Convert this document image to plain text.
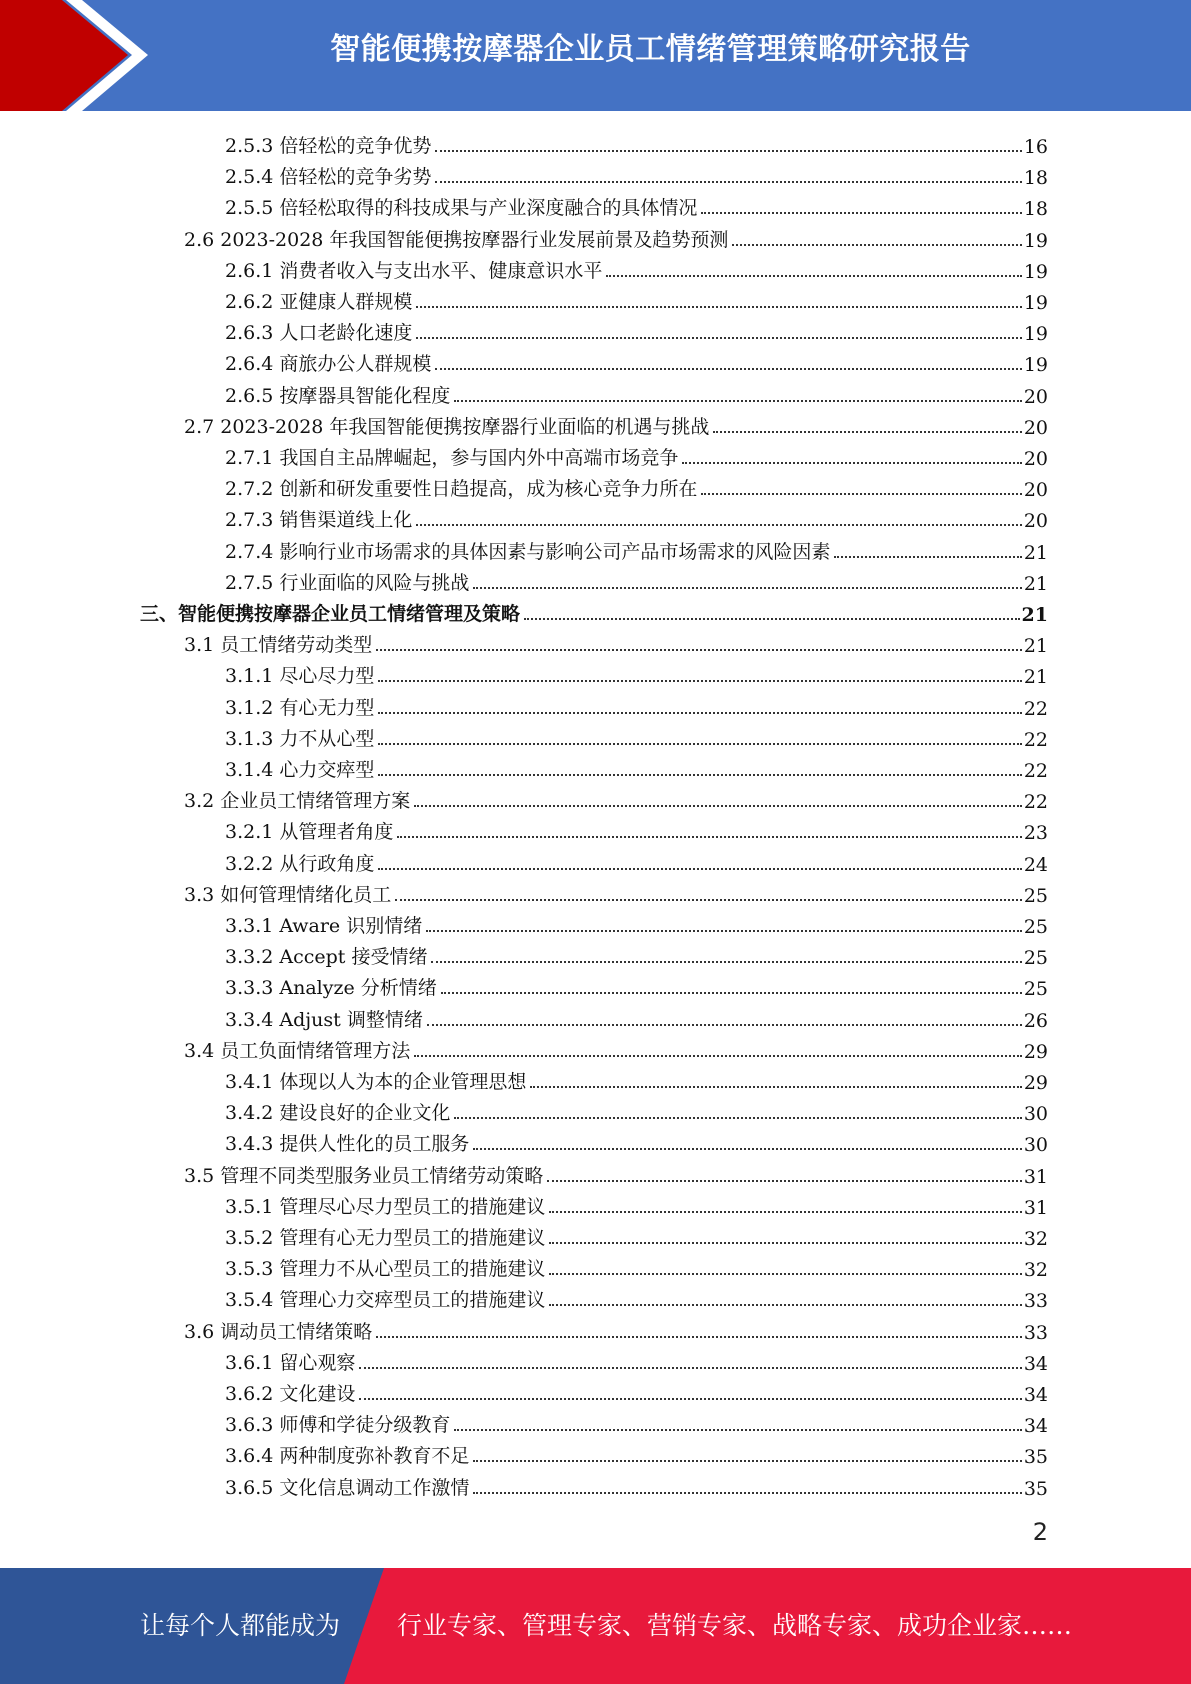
智能便携按摩器企业员工情绪管理策略研究报告
2.5.3 倍轻松的竞争优势	16
2.5.4 倍轻松的竞争劣势	18
2.5.5 倍轻松取得的科技成果与产业深度融合的具体情况	18
2.6 2023-2028 年我国智能便携按摩器行业发展前景及趋势预测	19
2.6.1 消费者收入与支出水平、健康意识水平	19
2.6.2 亚健康人群规模	19
2.6.3 人口老龄化速度	19
2.6.4 商旅办公人群规模	19
2.6.5 按摩器具智能化程度	20
2.7 2023-2028 年我国智能便携按摩器行业面临的机遇与挑战	20
2.7.1 我国自主品牌崛起，参与国内外中高端市场竞争	20
2.7.2 创新和研发重要性日趋提高，成为核心竞争力所在	20
2.7.3 销售渠道线上化	20
2.7.4 影响行业市场需求的具体因素与影响公司产品市场需求的风险因素	21
2.7.5 行业面临的风险与挑战	21
三、智能便携按摩器企业员工情绪管理及策略	21
3.1 员工情绪劳动类型	21
3.1.1 尽心尽力型	21
3.1.2 有心无力型	22
3.1.3 力不从心型	22
3.1.4 心力交瘁型	22
3.2 企业员工情绪管理方案	22
3.2.1 从管理者角度	23
3.2.2 从行政角度	24
3.3 如何管理情绪化员工	25
3.3.1 Aware 识别情绪	25
3.3.2 Accept 接受情绪	25
3.3.3 Analyze 分析情绪	25
3.3.4 Adjust 调整情绪	26
3.4 员工负面情绪管理方法	29
3.4.1 体现以人为本的企业管理思想	29
3.4.2 建设良好的企业文化	30
3.4.3 提供人性化的员工服务	30
3.5 管理不同类型服务业员工情绪劳动策略	31
3.5.1 管理尽心尽力型员工的措施建议	31
3.5.2 管理有心无力型员工的措施建议	32
3.5.3 管理力不从心型员工的措施建议	32
3.5.4 管理心力交瘁型员工的措施建议	33
3.6 调动员工情绪策略	33
3.6.1 留心观察	34
3.6.2 文化建设	34
3.6.3 师傅和学徒分级教育	34
3.6.4 两种制度弥补教育不足	35
3.6.5 文化信息调动工作激情	35
2
让每个人都能成为 行业专家、管理专家、营销专家、战略专家、成功企业家……
